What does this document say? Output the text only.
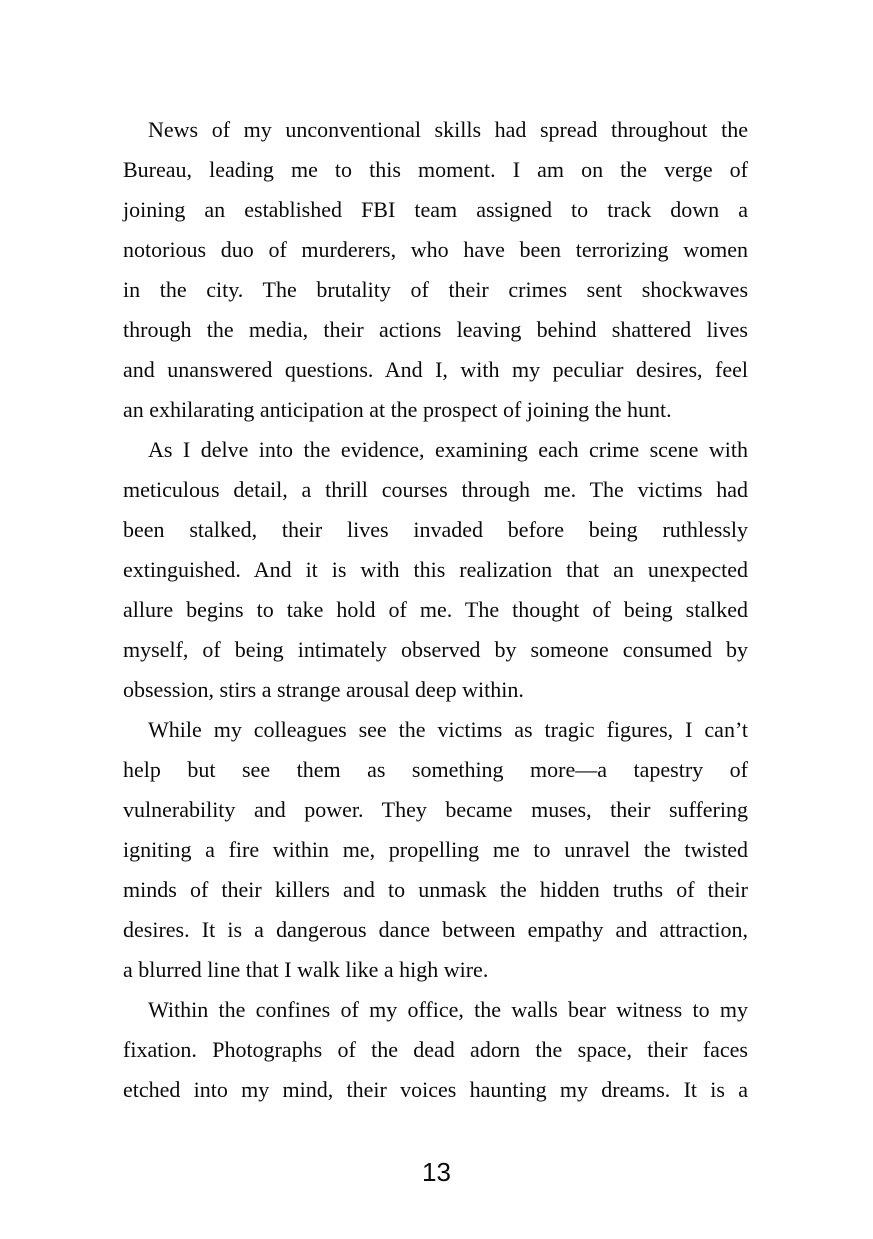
News of my unconventional skills had spread throughout the
Bureau, leading me to this moment. I am on the verge of
joining an established FBI team assigned to track down a
notorious duo of murderers, who have been terrorizing women
in the city. The brutality of their crimes sent shockwaves
through the media, their actions leaving behind shattered lives
and unanswered questions. And I, with my peculiar desires, feel
an exhilarating anticipation at the prospect of joining the hunt.
As I delve into the evidence, examining each crime scene with
meticulous detail, a thrill courses through me. The victims had
been stalked, their lives invaded before being ruthlessly
extinguished. And it is with this realization that an unexpected
allure begins to take hold of me. The thought of being stalked
myself, of being intimately observed by someone consumed by
obsession, stirs a strange arousal deep within.
While my colleagues see the victims as tragic figures, I can’t
help but see them as something more—a tapestry of
vulnerability and power. They became muses, their suffering
igniting a fire within me, propelling me to unravel the twisted
minds of their killers and to unmask the hidden truths of their
desires. It is a dangerous dance between empathy and attraction,
a blurred line that I walk like a high wire.
Within the confines of my office, the walls bear witness to my
fixation. Photographs of the dead adorn the space, their faces
etched into my mind, their voices haunting my dreams. It is a
13
